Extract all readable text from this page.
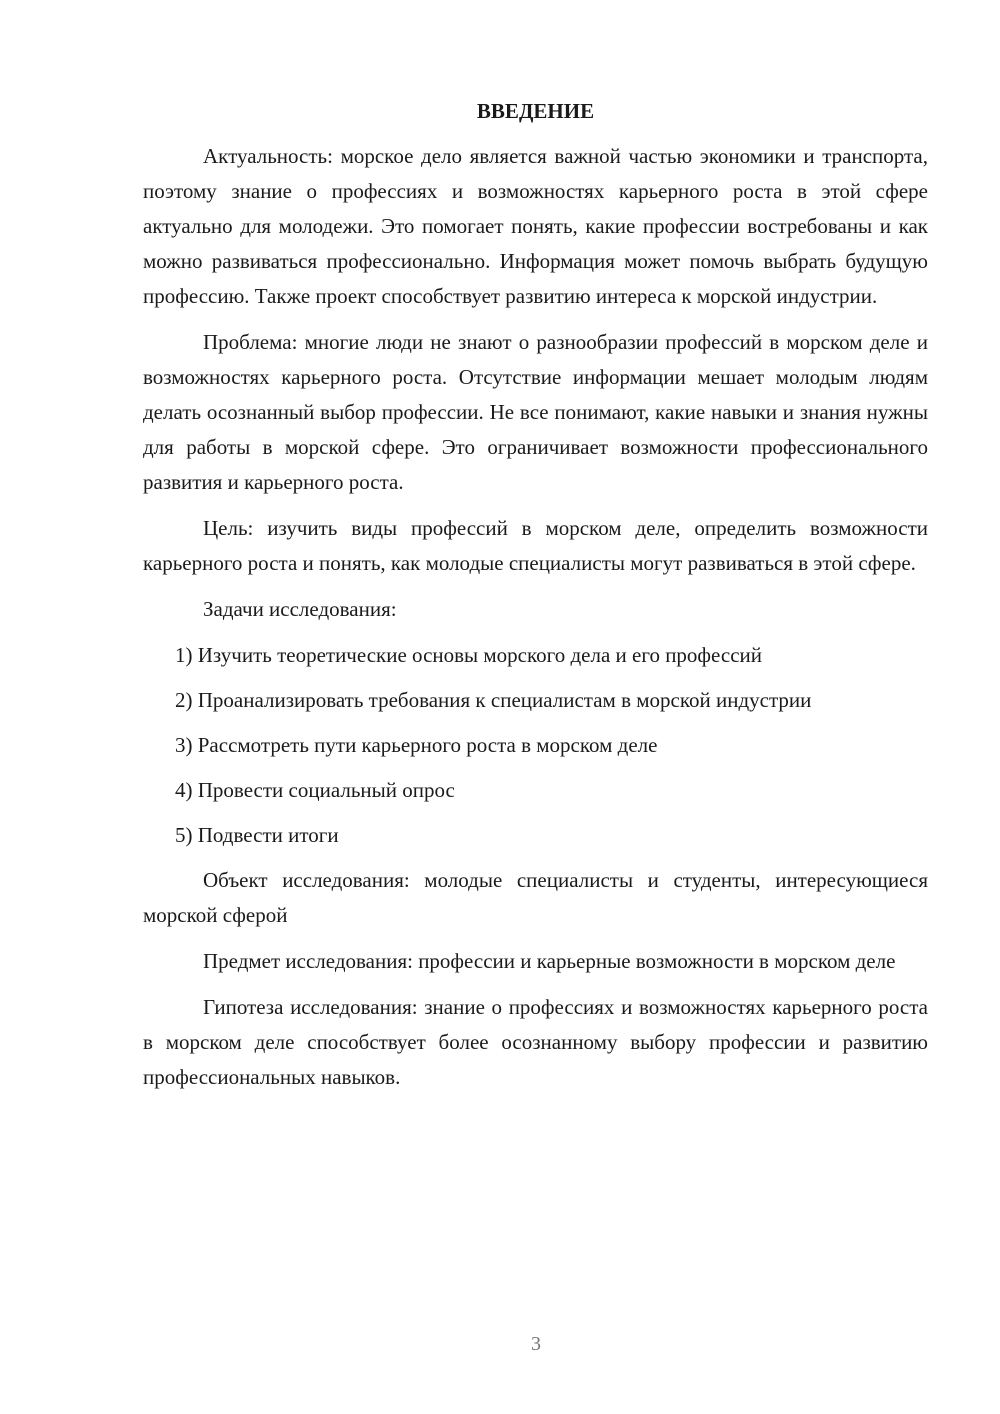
ВВЕДЕНИЕ

Актуальность: морское дело является важной частью экономики и транспорта, поэтому знание о профессиях и возможностях карьерного роста в этой сфере актуально для молодежи. Это помогает понять, какие профессии востребованы и как можно развиваться профессионально. Информация может помочь выбрать будущую профессию. Также проект способствует развитию интереса к морской индустрии.

Проблема: многие люди не знают о разнообразии профессий в морском деле и возможностях карьерного роста. Отсутствие информации мешает молодым людям делать осознанный выбор профессии. Не все понимают, какие навыки и знания нужны для работы в морской сфере. Это ограничивает возможности профессионального развития и карьерного роста.

Цель: изучить виды профессий в морском деле, определить возможности карьерного роста и понять, как молодые специалисты могут развиваться в этой сфере.

Задачи исследования:

1) Изучить теоретические основы морского дела и его профессий

2) Проанализировать требования к специалистам в морской индустрии

3) Рассмотреть пути карьерного роста в морском деле

4) Провести социальный опрос

5) Подвести итоги

Объект исследования: молодые специалисты и студенты, интересующиеся морской сферой

Предмет исследования: профессии и карьерные возможности в морском деле

Гипотеза исследования: знание о профессиях и возможностях карьерного роста в морском деле способствует более осознанному выбору профессии и развитию профессиональных навыков.

3
